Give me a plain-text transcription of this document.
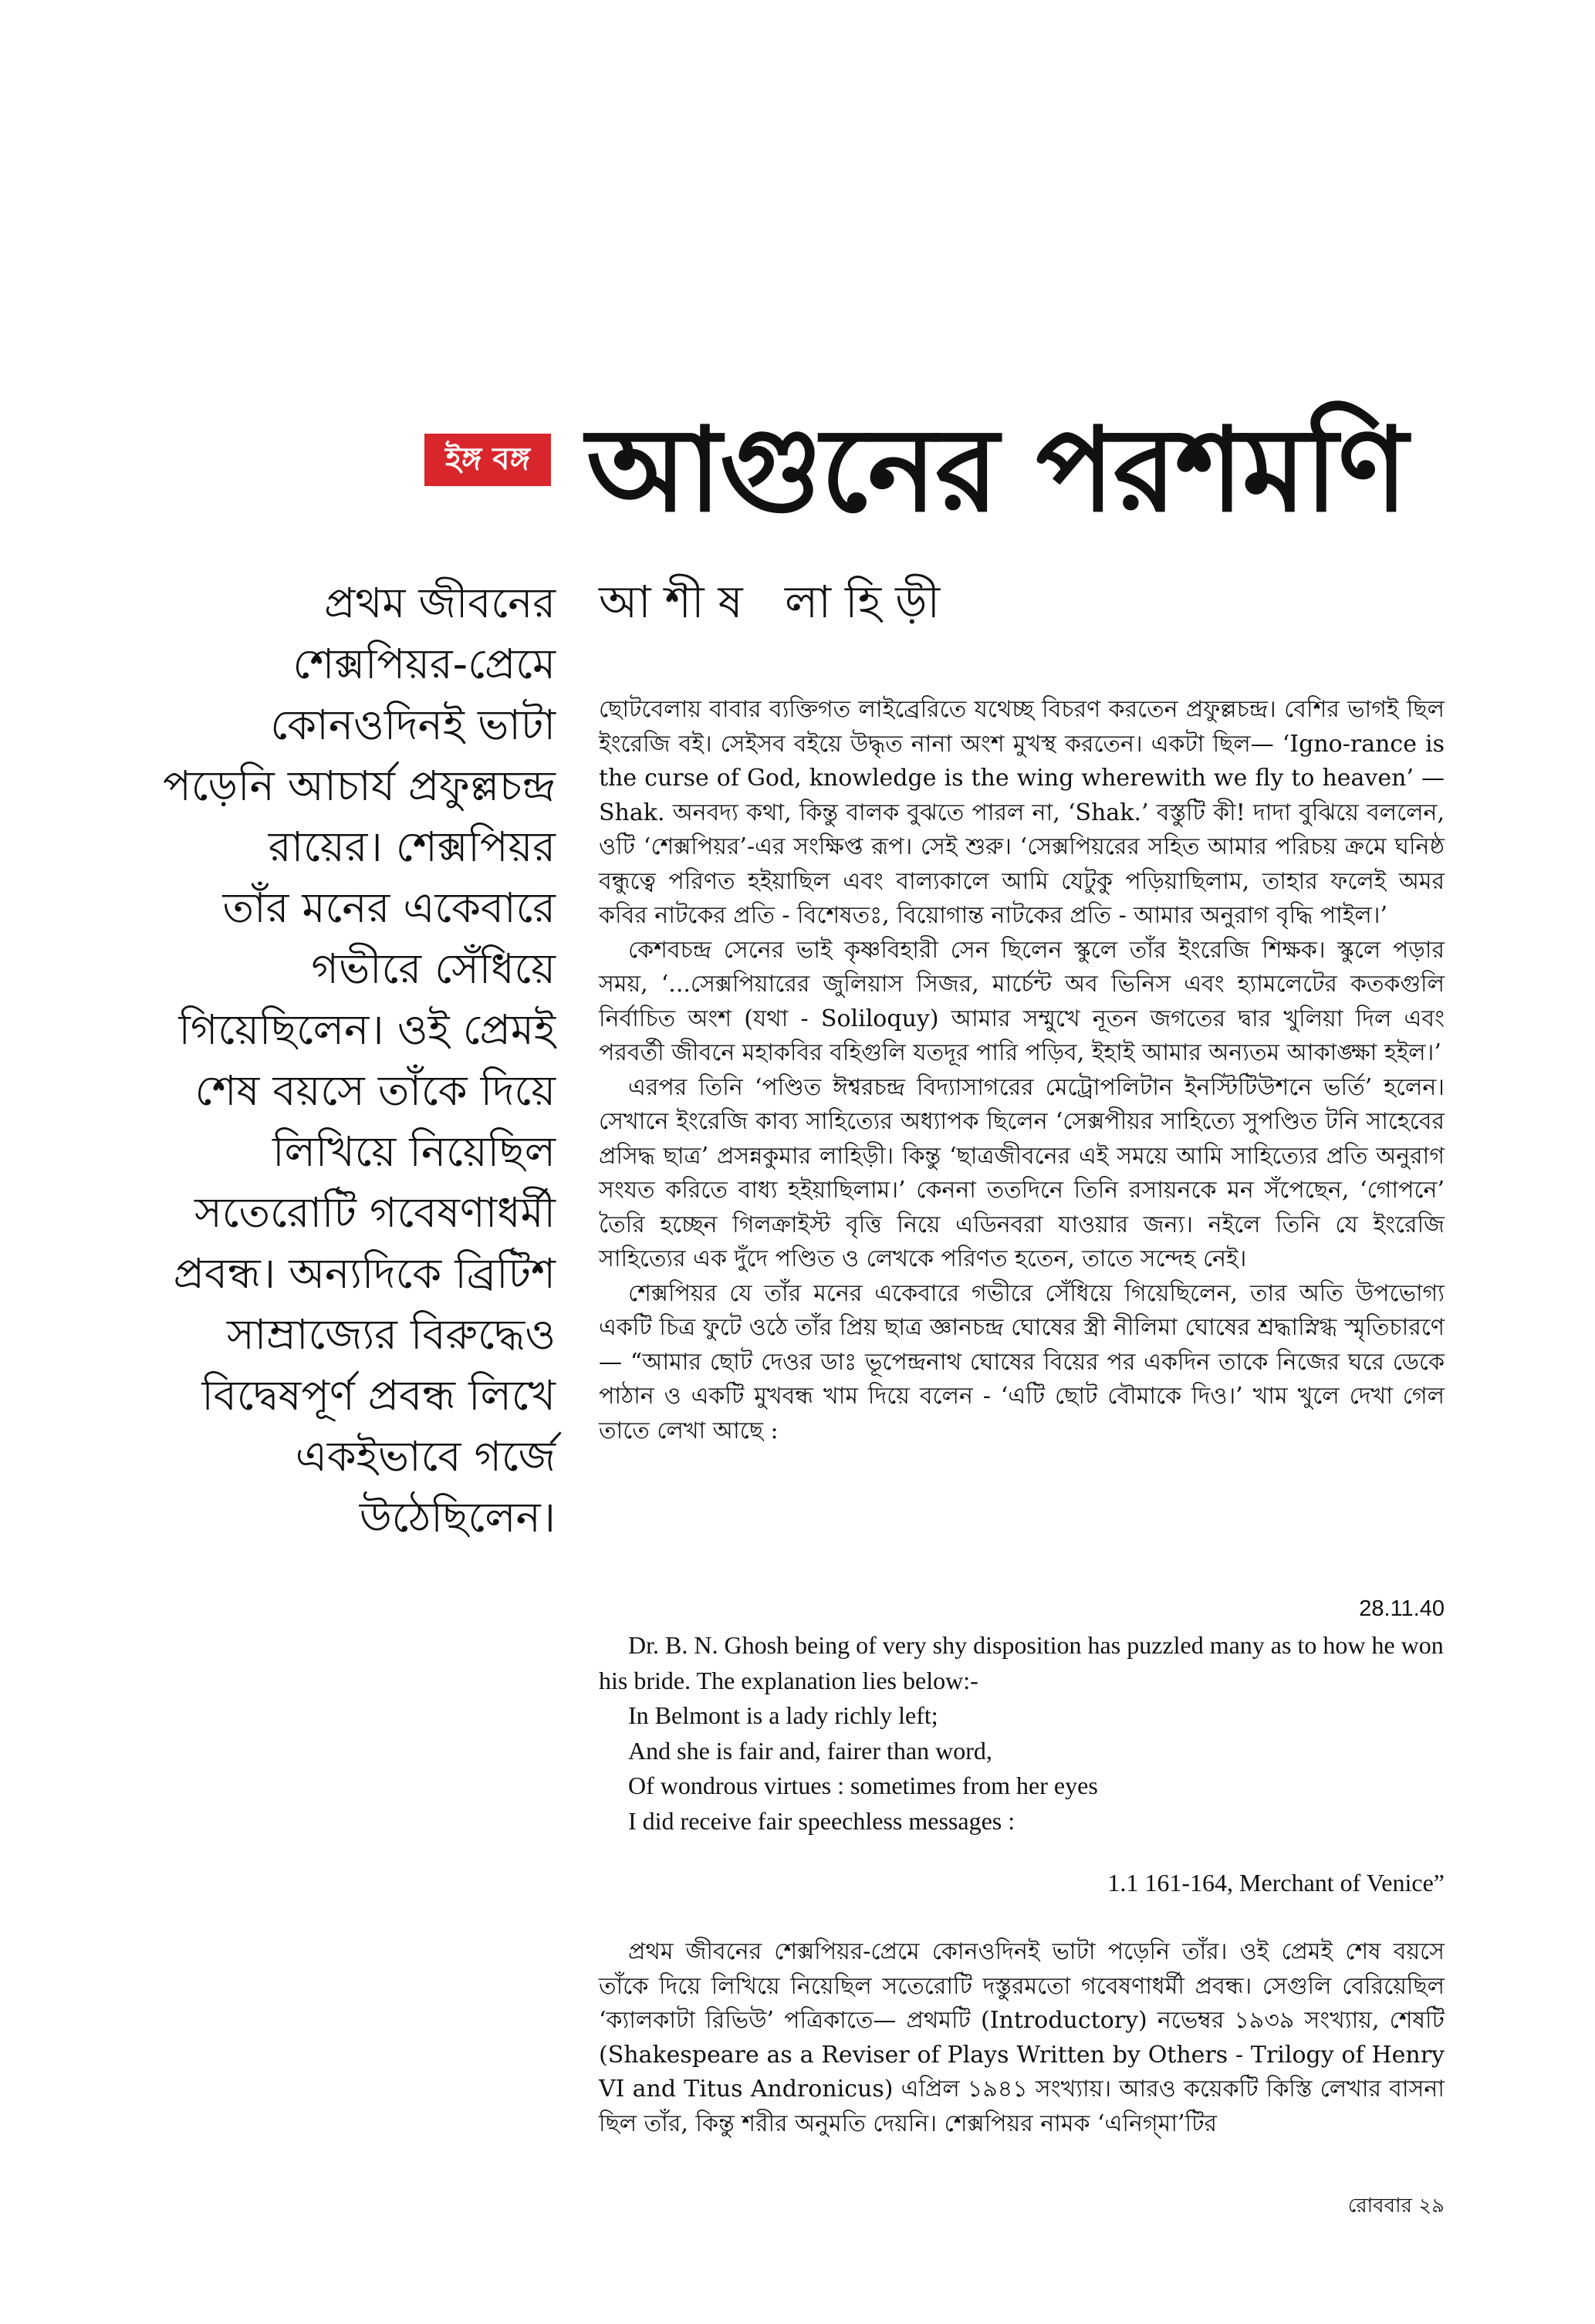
ইঙ্গ বঙ্গ আগুনের পরশমণি
আশীষ লাহিড়ী
প্রথম জীবনের
শেক্সপিয়র-প্রেমে
কোনওদিনই ভাটা
পড়েনি আচার্য প্রফুল্লচন্দ্র
রায়ের। শেক্সপিয়র
তাঁর মনের একেবারে
গভীরে সেঁধিয়ে
গিয়েছিলেন। ওই প্রেমই
শেষ বয়সে তাঁকে দিয়ে
লিখিয়ে নিয়েছিল
সতেরোটি গবেষণাধর্মী
প্রবন্ধ। অন্যদিকে ব্রিটিশ
সাম্রাজ্যের বিরুদ্ধেও
বিদ্বেষপূর্ণ প্রবন্ধ লিখে
একইভাবে গর্জে
উঠেছিলেন।

ছোটবেলায় বাবার ব্যক্তিগত লাইব্রেরিতে যথেচ্ছ বিচরণ করতেন প্রফুল্লচন্দ্র। বেশির ভাগই ছিল ইংরেজি বই। সেইসব বইয়ে উদ্ধৃত নানা অংশ মুখস্থ করতেন। একটা ছিল— ‘Igno-rance is the curse of God, knowledge is the wing wherewith we fly to heaven’ — Shak. অনবদ্য কথা, কিন্তু বালক বুঝতে পারল না, ‘Shak.’ বস্তুটি কী! দাদা বুঝিয়ে বললেন, ওটি ‘শেক্সপিয়র’-এর সংক্ষিপ্ত রূপ। সেই শুরু। ‘সেক্সপিয়রের সহিত আমার পরিচয় ক্রমে ঘনিষ্ঠ বন্ধুত্বে পরিণত হইয়াছিল এবং বাল্যকালে আমি যেটুকু পড়িয়াছিলাম, তাহার ফলেই অমর কবির নাটকের প্রতি - বিশেষতঃ, বিয়োগান্ত নাটকের প্রতি - আমার অনুরাগ বৃদ্ধি পাইল।’

কেশবচন্দ্র সেনের ভাই কৃষ্ণবিহারী সেন ছিলেন স্কুলে তাঁর ইংরেজি শিক্ষক। স্কুলে পড়ার সময়, ‘...সেক্সপিয়ারের জুলিয়াস সিজর, মার্চেন্ট অব ভিনিস এবং হ্যামলেটের কতকগুলি নির্বাচিত অংশ (যথা - Soliloquy) আমার সম্মুখে নূতন জগতের দ্বার খুলিয়া দিল এবং পরবর্তী জীবনে মহাকবির বহিগুলি যতদূর পারি পড়িব, ইহাই আমার অন্যতম আকাঙ্ক্ষা হইল।’

এরপর তিনি ‘পণ্ডিত ঈশ্বরচন্দ্র বিদ্যাসাগরের মেট্রোপলিটান ইনস্টিটিউশনে ভর্তি’ হলেন। সেখানে ইংরেজি কাব্য সাহিত্যের অধ্যাপক ছিলেন ‘সেক্সপীয়র সাহিত্যে সুপণ্ডিত টনি সাহেবের প্রসিদ্ধ ছাত্র’ প্রসন্নকুমার লাহিড়ী। কিন্তু ‘ছাত্রজীবনের এই সময়ে আমি সাহিত্যের প্রতি অনুরাগ সংযত করিতে বাধ্য হইয়াছিলাম।’ কেননা ততদিনে তিনি রসায়নকে মন সঁপেছেন, ‘গোপনে’ তৈরি হচ্ছেন গিলক্রাইস্ট বৃত্তি নিয়ে এডিনবরা যাওয়ার জন্য। নইলে তিনি যে ইংরেজি সাহিত্যের এক দুঁদে পণ্ডিত ও লেখকে পরিণত হতেন, তাতে সন্দেহ নেই।

শেক্সপিয়র যে তাঁর মনের একেবারে গভীরে সেঁধিয়ে গিয়েছিলেন, তার অতি উপভোগ্য একটি চিত্র ফুটে ওঠে তাঁর প্রিয় ছাত্র জ্ঞানচন্দ্র ঘোষের স্ত্রী নীলিমা ঘোষের শ্রদ্ধাস্নিগ্ধ স্মৃতিচারণে— “আমার ছোট দেওর ডাঃ ভূপেন্দ্রনাথ ঘোষের বিয়ের পর একদিন তাকে নিজের ঘরে ডেকে পাঠান ও একটি মুখবন্ধ খাম দিয়ে বলেন - ‘এটি ছোট বৌমাকে দিও।’ খাম খুলে দেখা গেল তাতে লেখা আছে :

28.11.40

Dr. B. N. Ghosh being of very shy disposition has puzzled many as to how he won his bride. The explanation lies below:-

In Belmont is a lady richly left;

And she is fair and, fairer than word,

Of wondrous virtues : sometimes from her eyes

I did receive fair speechless messages :

1.1 161-164, Merchant of Venice”

প্রথম জীবনের শেক্সপিয়র-প্রেমে কোনওদিনই ভাটা পড়েনি তাঁর। ওই প্রেমই শেষ বয়সে তাঁকে দিয়ে লিখিয়ে নিয়েছিল সতেরোটি দস্তুরমতো গবেষণাধর্মী প্রবন্ধ। সেগুলি বেরিয়েছিল ‘ক্যালকাটা রিভিউ’ পত্রিকাতে— প্রথমটি (Introductory) নভেম্বর ১৯৩৯ সংখ্যায়, শেষটি (Shakespeare as a Reviser of Plays Written by Others - Trilogy of Henry VI and Titus Andronicus) এপ্রিল ১৯৪১ সংখ্যায়। আরও কয়েকটি কিস্তি লেখার বাসনা ছিল তাঁর, কিন্তু শরীর অনুমতি দেয়নি। শেক্সপিয়র নামক ‘এনিগ্‌মা’টির

রোববার ২৯
